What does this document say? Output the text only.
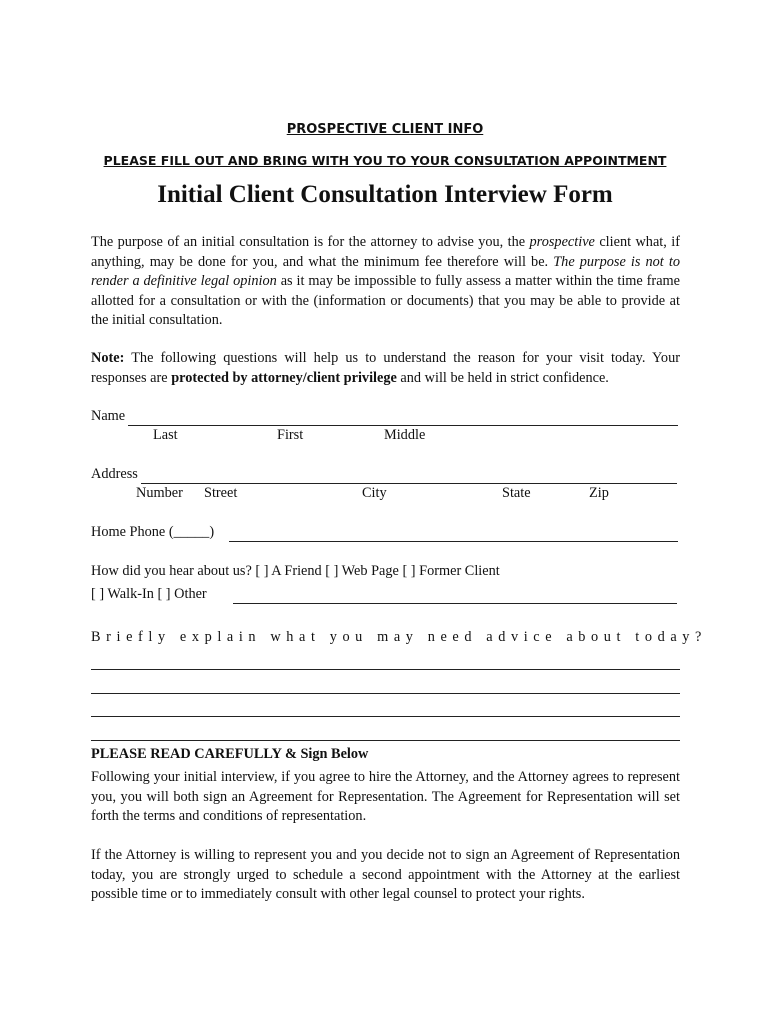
PROSPECTIVE CLIENT INFO
PLEASE FILL OUT AND BRING WITH YOU TO YOUR CONSULTATION APPOINTMENT
Initial Client Consultation Interview Form

The purpose of an initial consultation is for the attorney to advise you, the prospective client what, if anything, may be done for you, and what the minimum fee therefore will be. The purpose is not to render a definitive legal opinion as it may be impossible to fully assess a matter within the time frame allotted for a consultation or with the (information or documents) that you may be able to provide at the initial consultation.

Note: The following questions will help us to understand the reason for your visit today. Your responses are protected by attorney/client privilege and will be held in strict confidence.

Name
Last	First	Middle
Address
Number Street	City	State	Zip
Home Phone (_____)
How did you hear about us? [ ] A Friend [ ] Web Page [ ] Former Client
[ ] Walk-In [ ] Other
Briefly explain what you may need advice about today?
PLEASE READ CAREFULLY & Sign Below

Following your initial interview, if you agree to hire the Attorney, and the Attorney agrees to represent you, you will both sign an Agreement for Representation. The Agreement for Representation will set forth the terms and conditions of representation.

If the Attorney is willing to represent you and you decide not to sign an Agreement of Representation today, you are strongly urged to schedule a second appointment with the Attorney at the earliest possible time or to immediately consult with other legal counsel to protect your rights.
